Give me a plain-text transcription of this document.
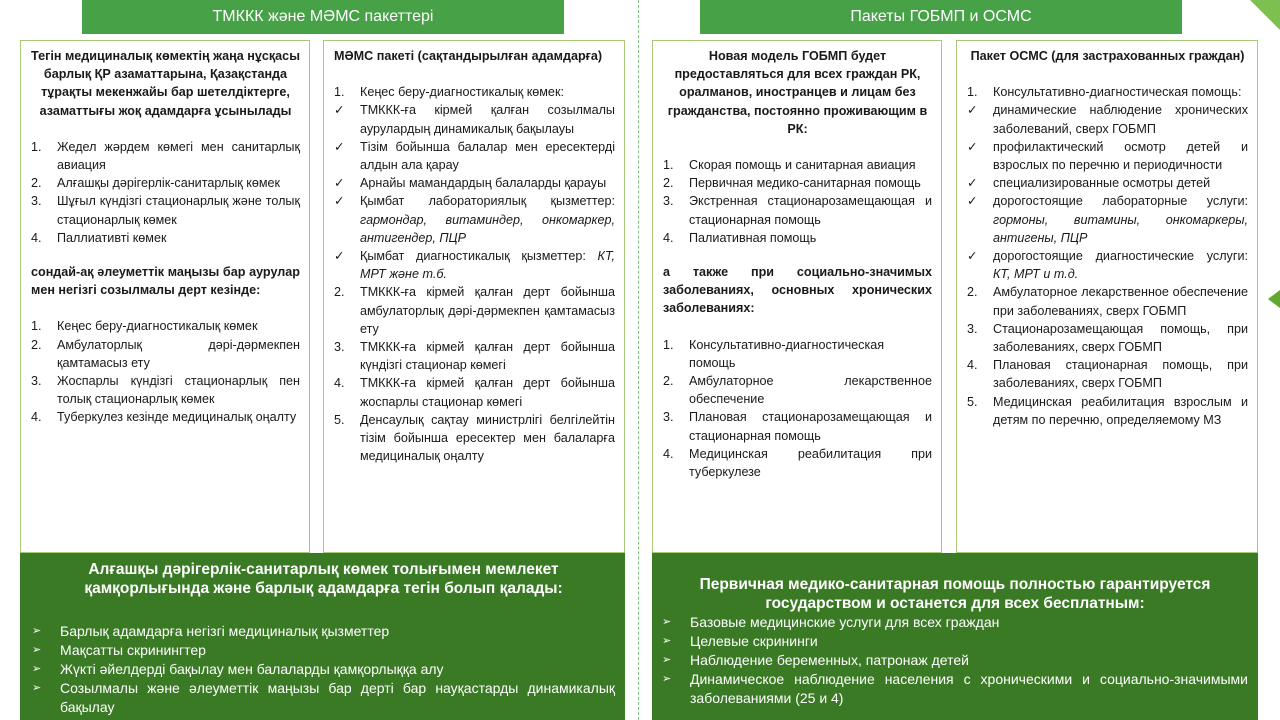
ТМККК және МӘМС пакеттері	Пакеты ГОБМП и ОСМС
Тегін медициналық көмектің жаңа нұсқасы барлық ҚР азаматтарына, Қазақстанда тұрақты мекенжайы бар шетелдіктерге, азаматтығы жоқ адамдарға ұсынылады
1.	Жедел жәрдем көмегі мен санитарлық авиация
2.	Алғашқы дәрігерлік-санитарлық көмек
3.	Шұғыл күндізгі стационарлық және толық стационарлық көмек
4.	Паллиативті көмек
сондай-ақ әлеуметтік маңызы бар аурулар мен негізгі созылмалы дерт кезінде:
1.	Кеңес беру-диагностикалық көмек
2.	Амбулаторлық дәрі-дәрмекпен қамтамасыз ету
3.	Жоспарлы күндізгі стационарлық пен толық стационарлық көмек
4.	Туберкулез кезінде медициналық оңалту
МӘМС пакеті (сақтандырылған адамдарға)
1.	Кеңес беру-диагностикалық көмек:
✓	ТМККК-ға кірмей қалған созылмалы аурулардың динамикалық бақылауы
✓	Тізім бойынша балалар мен ересектерді алдын ала қарау
✓	Арнайы мамандардың балаларды қарауы
✓	Қымбат лабораториялық қызметтер: гармондар, витаминдер, онкомаркер, антигендер, ПЦР
✓	Қымбат диагностикалық қызметтер: КТ, МРТ және т.б.
2.	ТМККК-ға кірмей қалған дерт бойынша амбулаторлық дәрі-дәрмекпен қамтамасыз ету
3.	ТМККК-ға кірмей қалған дерт бойынша күндізгі стационар көмегі
4.	ТМККК-ға кірмей қалған дерт бойынша жоспарлы стационар көмегі
5.	Денсаулық сақтау министрлігі белгілейтін тізім бойынша ересектер мен балаларға медициналық оңалту
Новая модель ГОБМП будет предоставляться для всех граждан РК, оралманов, иностранцев и лицам без гражданства, постоянно проживающим в РК:
1.	Скорая помощь и санитарная авиация
2.	Первичная медико-санитарная помощь
3.	Экстренная стационарозамещающая и стационарная помощь
4.	Палиативная помощь
а также при социально-значимых заболеваниях, основных хронических заболеваниях:
1.	Консультативно-диагностическая помощь
2.	Амбулаторное лекарственное обеспечение
3.	Плановая стационарозамещающая и стационарная помощь
4.	Медицинская реабилитация при туберкулезе
Пакет ОСМС (для застрахованных граждан)
1.	Консультативно-диагностическая помощь:
✓	динамические наблюдение хронических заболеваний, сверх ГОБМП
✓	профилактический осмотр детей и взрослых по перечню и периодичности
✓	специализированные осмотры детей
✓	дорогостоящие лабораторные услуги: гормоны, витамины, онкомаркеры, антигены, ПЦР
✓	дорогостоящие диагностические услуги: КТ, МРТ и т.д.
2.	Амбулаторное лекарственное обеспечение при заболеваниях, сверх ГОБМП
3.	Стационарозамещающая помощь, при заболеваниях, сверх ГОБМП
4.	Плановая стационарная помощь, при заболеваниях, сверх ГОБМП
5.	Медицинская реабилитация взрослым и детям по перечню, определяемому МЗ
Алғашқы дәрігерлік-санитарлық көмек толығымен мемлекет қамқорлығында және барлық адамдарға тегін болып қалады:
➢ Барлық адамдарға негізгі медициналық қызметтер
➢ Мақсатты скринингтер
➢ Жүкті әйелдерді бақылау мен балаларды қамқорлыққа алу
➢ Созылмалы және әлеуметтік маңызы бар дерті бар науқастарды динамикалық бақылау
Первичная медико-санитарная помощь полностью гарантируется государством и останется для всех бесплатным:
➢ Базовые медицинские услуги для всех граждан
➢ Целевые скрининги
➢ Наблюдение беременных, патронаж детей
➢ Динамическое наблюдение населения с хроническими и социально-значимыми заболеваниями (25 и 4)
